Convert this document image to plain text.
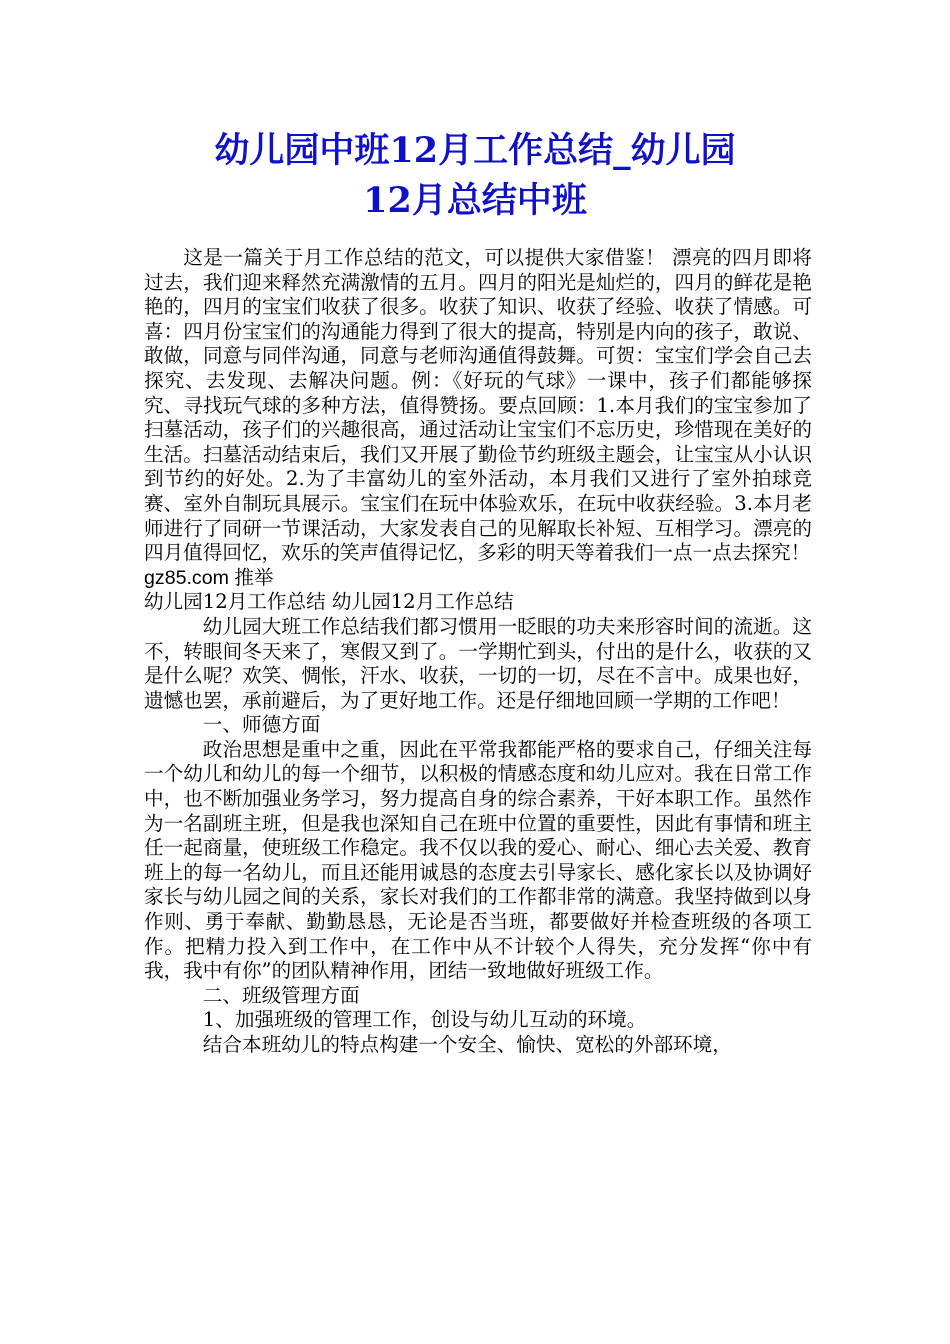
幼儿园中班12月工作总结_幼儿园
12月总结中班

这是一篇关于月工作总结的范文，可以提供大家借鉴！ 漂亮的四月即将过去，我们迎来释然充满激情的五月。四月的阳光是灿烂的，四月的鲜花是艳艳的，四月的宝宝们收获了很多。收获了知识、收获了经验、收获了情感。可喜：四月份宝宝们的沟通能力得到了很大的提高，特别是内向的孩子，敢说、敢做，同意与同伴沟通，同意与老师沟通值得鼓舞。可贺：宝宝们学会自己去探究、去发现、去解决问题。例：《好玩的气球》一课中，孩子们都能够探究、寻找玩气球的多种方法，值得赞扬。要点回顾：1.本月我们的宝宝参加了扫墓活动，孩子们的兴趣很高，通过活动让宝宝们不忘历史，珍惜现在美好的生活。扫墓活动结束后，我们又开展了勤俭节约班级主题会，让宝宝从小认识到节约的好处。2.为了丰富幼儿的室外活动，本月我们又进行了室外拍球竞赛、室外自制玩具展示。宝宝们在玩中体验欢乐，在玩中收获经验。3.本月老师进行了同研一节课活动，大家发表自己的见解取长补短、互相学习。漂亮的四月值得回忆，欢乐的笑声值得记忆，多彩的明天等着我们一点一点去探究！

gz85.com 推举

幼儿园12月工作总结 幼儿园12月工作总结

幼儿园大班工作总结我们都习惯用一眨眼的功夫来形容时间的流逝。这不，转眼间冬天来了，寒假又到了。一学期忙到头，付出的是什么，收获的又是什么呢？欢笑、惆怅，汗水、收获，一切的一切，尽在不言中。成果也好，遗憾也罢，承前避后，为了更好地工作。还是仔细地回顾一学期的工作吧！

一、师德方面

政治思想是重中之重，因此在平常我都能严格的要求自己，仔细关注每一个幼儿和幼儿的每一个细节，以积极的情感态度和幼儿应对。我在日常工作中，也不断加强业务学习，努力提高自身的综合素养，干好本职工作。虽然作为一名副班主班，但是我也深知自己在班中位置的重要性，因此有事情和班主任一起商量，使班级工作稳定。我不仅以我的爱心、耐心、细心去关爱、教育班上的每一名幼儿，而且还能用诚恳的态度去引导家长、感化家长以及协调好家长与幼儿园之间的关系，家长对我们的工作都非常的满意。我坚持做到以身作则、勇于奉献、勤勤恳恳，无论是否当班，都要做好并检查班级的各项工作。把精力投入到工作中，在工作中从不计较个人得失，充分发挥“你中有我，我中有你”的团队精神作用，团结一致地做好班级工作。

二、班级管理方面

1、加强班级的管理工作，创设与幼儿互动的环境。

结合本班幼儿的特点构建一个安全、愉快、宽松的外部环境，
